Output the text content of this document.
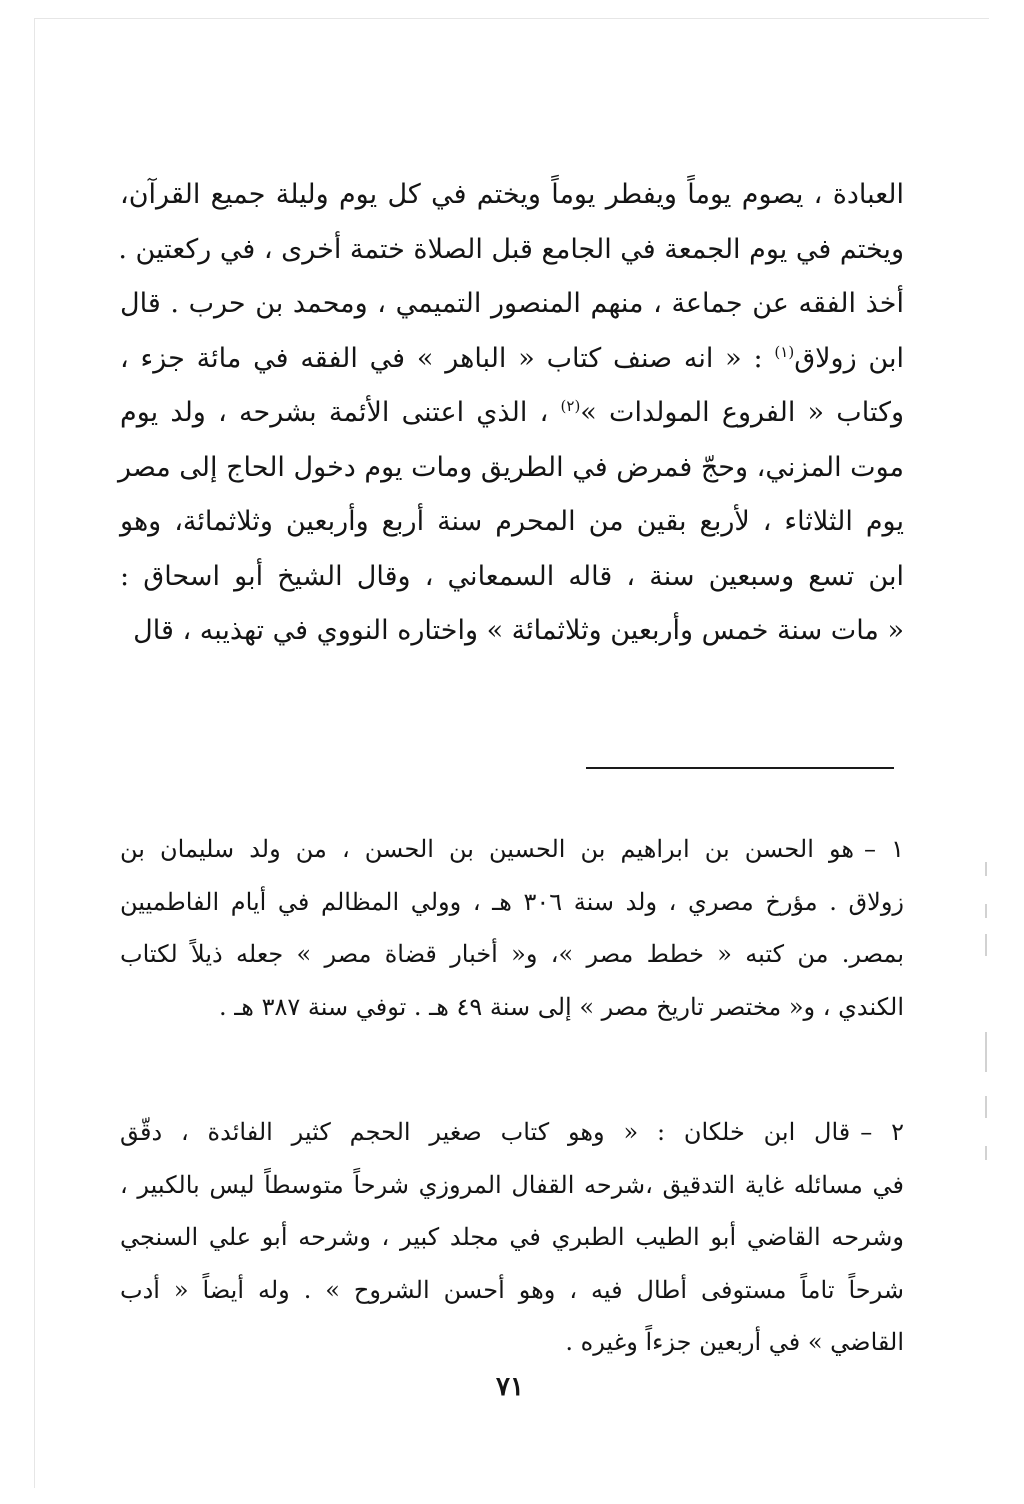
العبادة ، يصوم يوماً ويفطر يوماً ويختم في كل يوم وليلة جميع القرآن،
ويختم في يوم الجمعة في الجامع قبل الصلاة ختمة أخرى ، في ركعتين .
أخذ الفقه عن جماعة ، منهم المنصور التميمي ، ومحمد بن حرب . قال
ابن زولاق$^{(١)}$ : « انه صنف كتاب « الباهر » في الفقه في مائة جزء ،
وكتاب « الفروع المولدات »$^{(٢)}$ ، الذي اعتنى الأئمة بشرحه ، ولد يوم
موت المزني، وحجّ فمرض في الطريق ومات يوم دخول الحاج إلى مصر
يوم الثلاثاء ، لأربع بقين من المحرم سنة أربع وأربعين وثلاثمائة، وهو
ابن تسع وسبعين سنة ، قاله السمعاني ، وقال الشيخ أبو اسحاق :
« مات سنة خمس وأربعين وثلاثمائة » واختاره النووي في تهذيبه ، قال
١ –هو الحسن بن ابراهيم بن الحسين بن الحسن ، من ولد سليمان بن
زولاق . مؤرخ مصري ، ولد سنة ٣٠٦ هـ ، وولي المظالم في أيام الفاطميين
بمصر. من كتبه « خطط مصر »، و« أخبار قضاة مصر » جعله ذيلاً لكتاب
الكندي ، و« مختصر تاريخ مصر » إلى سنة ٤٩ هـ . توفي سنة ٣٨٧ هـ .
٢ –قال ابن خلكان : « وهو كتاب صغير الحجم كثير الفائدة ، دقّق
في مسائله غاية التدقيق ،شرحه القفال المروزي شرحاً متوسطاً ليس بالكبير ،
وشرحه القاضي أبو الطيب الطبري في مجلد كبير ، وشرحه أبو علي السنجي
شرحاً تاماً مستوفى أطال فيه ، وهو أحسن الشروح » . وله أيضاً « أدب
القاضي » في أربعين جزءاً وغيره .
٧١
